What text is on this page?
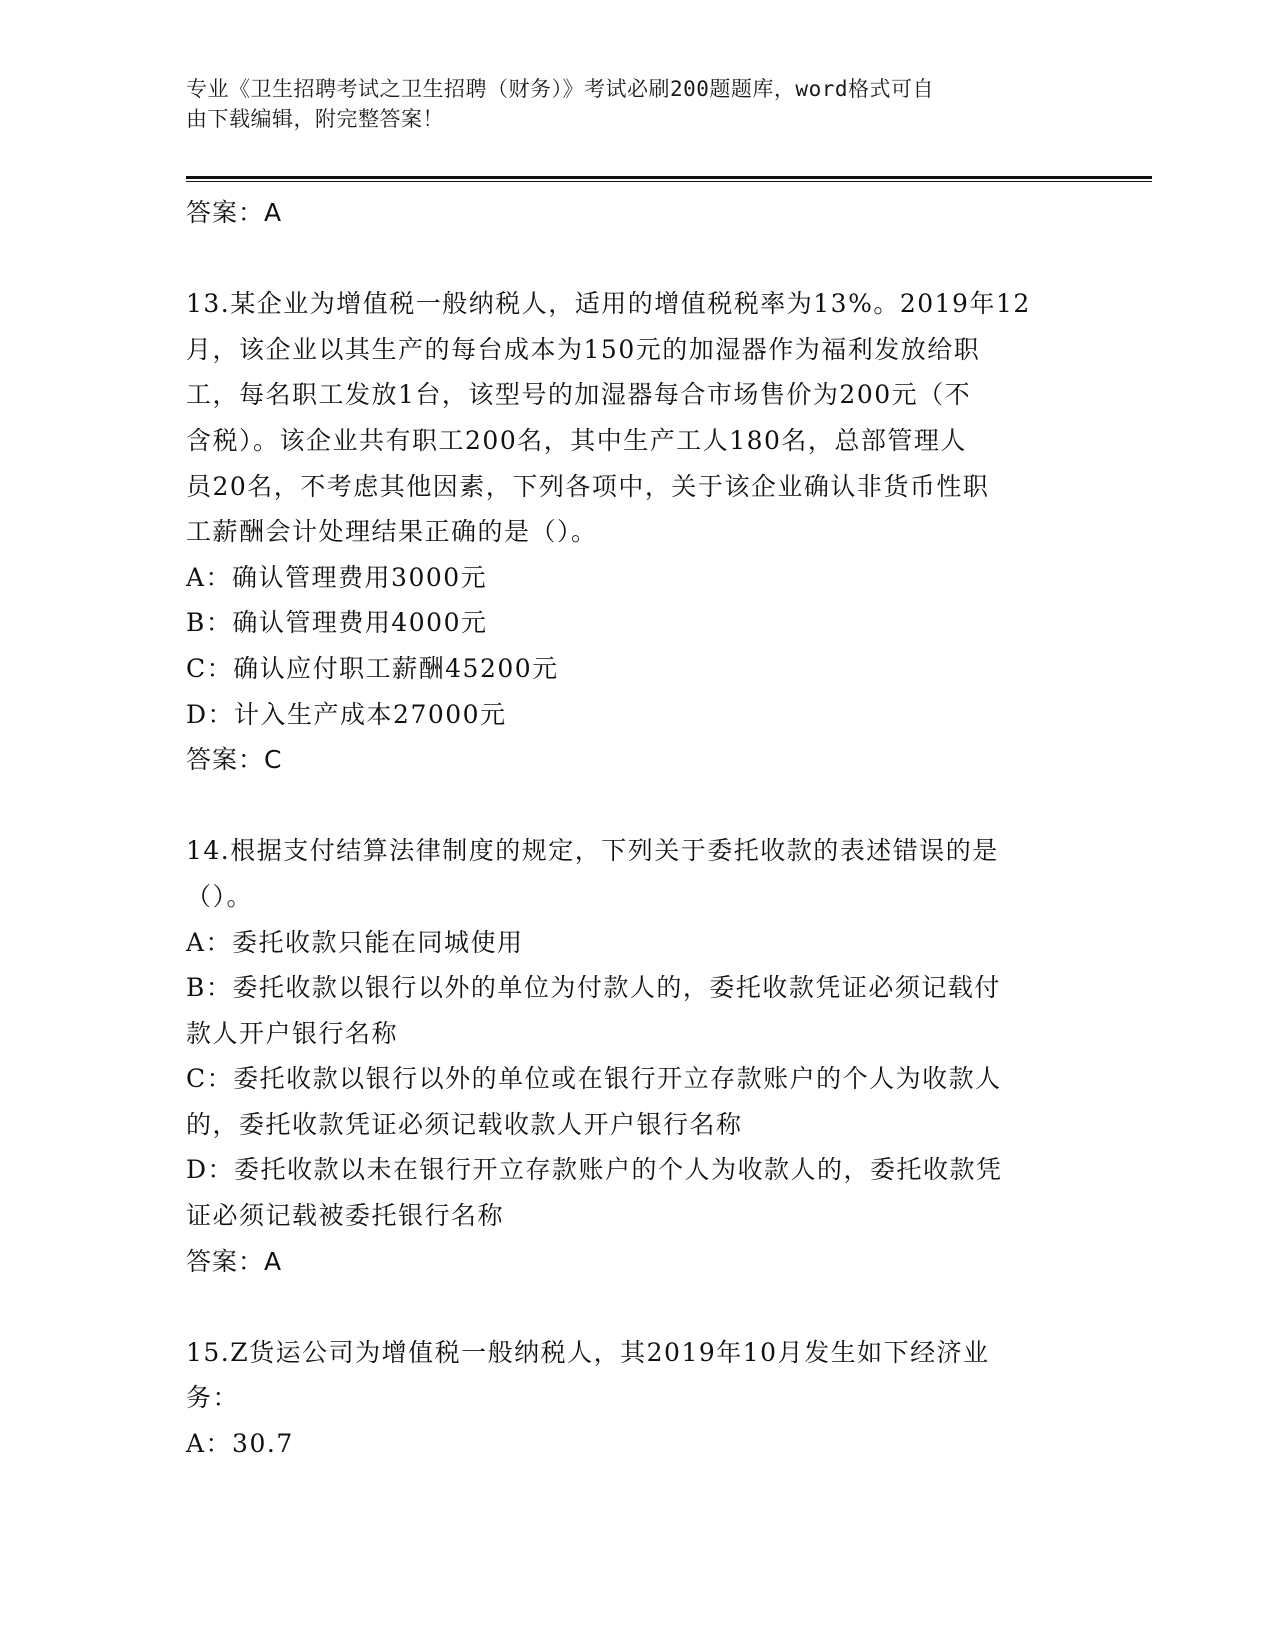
专业《卫生招聘考试之卫生招聘（财务）》考试必刷200题题库，word格式可自
由下载编辑，附完整答案！

答案：A

13.某企业为增值税一般纳税人，适用的增值税税率为13%。2019年12

月，该企业以其生产的每台成本为150元的加湿器作为福利发放给职

工，每名职工发放1台，该型号的加湿器每合市场售价为200元（不

含税）。该企业共有职工200名，其中生产工人180名，总部管理人

员20名，不考虑其他因素，下列各项中，关于该企业确认非货币性职

工薪酬会计处理结果正确的是（）。

A：确认管理费用3000元

B：确认管理费用4000元

C：确认应付职工薪酬45200元

D：计入生产成本27000元

答案：C

14.根据支付结算法律制度的规定，下列关于委托收款的表述错误的是

（）。

A：委托收款只能在同城使用

B：委托收款以银行以外的单位为付款人的，委托收款凭证必须记载付

款人开户银行名称

C：委托收款以银行以外的单位或在银行开立存款账户的个人为收款人

的，委托收款凭证必须记载收款人开户银行名称

D：委托收款以未在银行开立存款账户的个人为收款人的，委托收款凭

证必须记载被委托银行名称

答案：A

15.Z货运公司为增值税一般纳税人，其2019年10月发生如下经济业

务：

A：30.7
